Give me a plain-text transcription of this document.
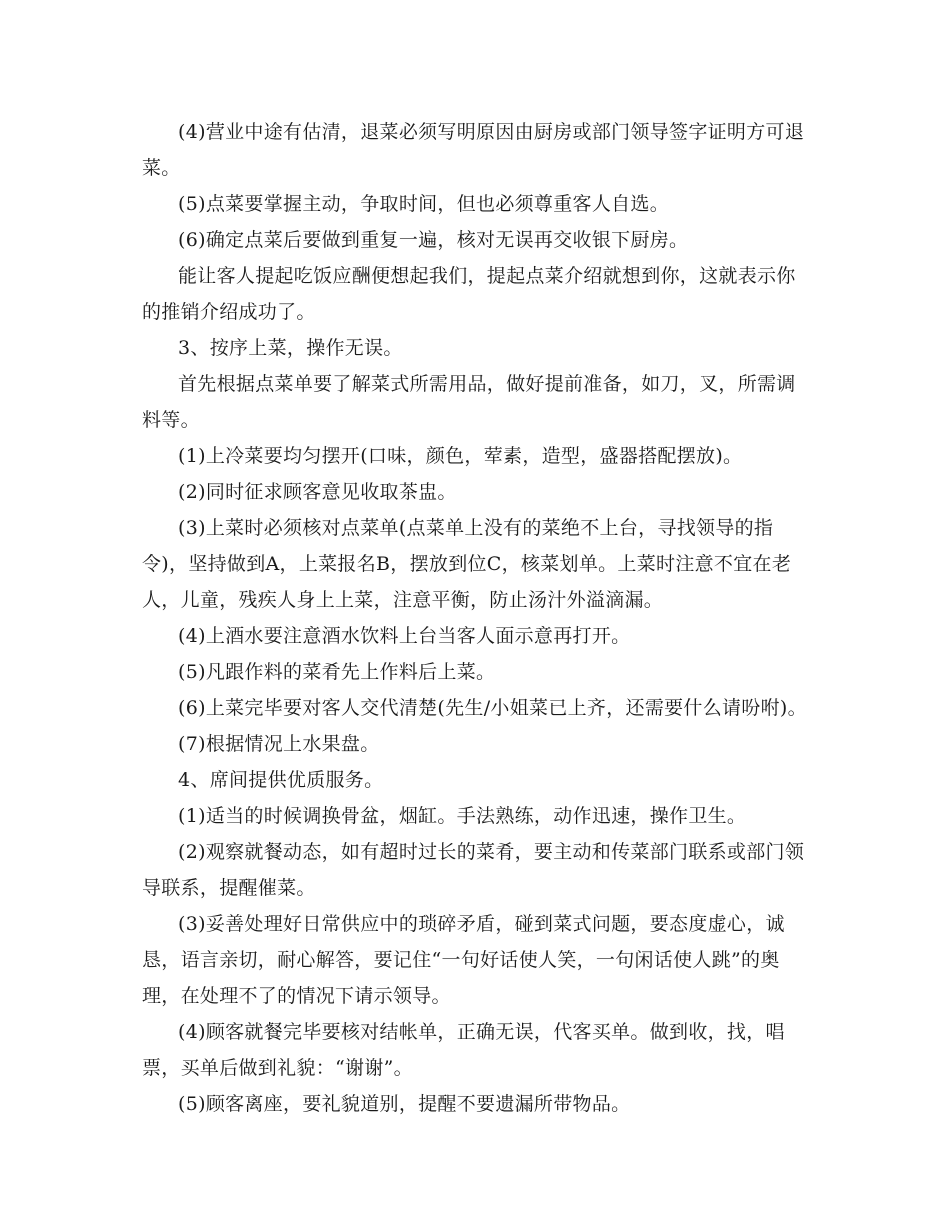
(4)营业中途有估清，退菜必须写明原因由厨房或部门领导签字证明方可退菜。

(5)点菜要掌握主动，争取时间，但也必须尊重客人自选。

(6)确定点菜后要做到重复一遍，核对无误再交收银下厨房。

能让客人提起吃饭应酬便想起我们，提起点菜介绍就想到你，这就表示你的推销介绍成功了。

3、按序上菜，操作无误。

首先根据点菜单要了解菜式所需用品，做好提前准备，如刀，叉，所需调料等。

(1)上冷菜要均匀摆开(口味，颜色，荤素，造型，盛器搭配摆放)。

(2)同时征求顾客意见收取茶盅。

(3)上菜时必须核对点菜单(点菜单上没有的菜绝不上台，寻找领导的指令)，坚持做到A，上菜报名B，摆放到位C，核菜划单。上菜时注意不宜在老人，儿童，残疾人身上上菜，注意平衡，防止汤汁外溢滴漏。

(4)上酒水要注意酒水饮料上台当客人面示意再打开。

(5)凡跟作料的菜肴先上作料后上菜。

(6)上菜完毕要对客人交代清楚(先生/小姐菜已上齐，还需要什么请吩咐)。

(7)根据情况上水果盘。

4、席间提供优质服务。

(1)适当的时候调换骨盆，烟缸。手法熟练，动作迅速，操作卫生。

(2)观察就餐动态，如有超时过长的菜肴，要主动和传菜部门联系或部门领导联系，提醒催菜。

(3)妥善处理好日常供应中的琐碎矛盾，碰到菜式问题，要态度虚心，诚恳，语言亲切，耐心解答，要记住“一句好话使人笑，一句闲话使人跳”的奥理，在处理不了的情况下请示领导。

(4)顾客就餐完毕要核对结帐单，正确无误，代客买单。做到收，找，唱票，买单后做到礼貌：“谢谢”。

(5)顾客离座，要礼貌道别，提醒不要遗漏所带物品。
